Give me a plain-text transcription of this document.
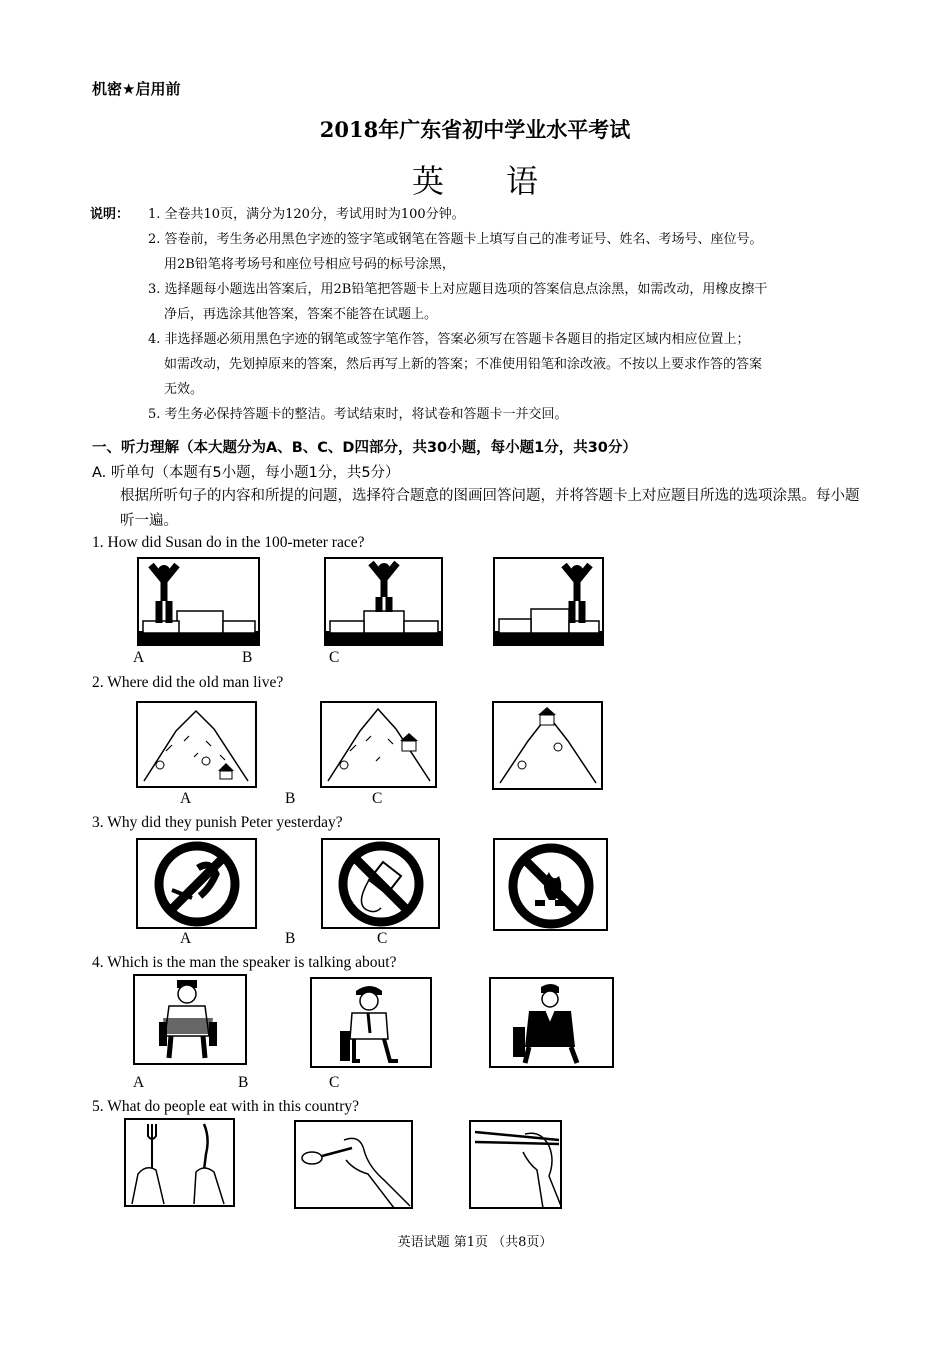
机密★启用前
2018年广东省初中学业水平考试
英语
说明： 1. 全卷共10页，满分为120分，考试用时为100分钟。
2. 答卷前，考生务必用黑色字迹的签字笔或钢笔在答题卡上填写自己的准考证号、姓名、考场号、座位号。
用2B铅笔将考场号和座位号相应号码的标号涂黑，
3. 选择题每小题选出答案后，用2B铅笔把答题卡上对应题目选项的答案信息点涂黑，如需改动，用橡皮擦干
净后，再选涂其他答案，答案不能答在试题上。
4. 非选择题必须用黑色字迹的钢笔或签字笔作答，答案必须写在答题卡各题目的指定区域内相应位置上；
如需改动，先划掉原来的答案，然后再写上新的答案；不准使用铅笔和涂改液。不按以上要求作答的答案
无效。
5. 考生务必保持答题卡的整洁。考试结束时，将试卷和答题卡一并交回。
一、听力理解（本大题分为A、B、C、D四部分，共30小题，每小题1分，共30分）
A. 听单句（本题有5小题，每小题1分，共5分）
根据所听句子的内容和所提的问题，选择符合题意的图画回答问题，并将答题卡上对应题目所选的选项涂黑。每小题听一遍。
1. How did Susan do in the 100-meter race?
A	B	C
2. Where did the old man live?
A	B	C
3. Why did they punish Peter yesterday?
A	B	C
4. Which is the man the speaker is talking about?
A	B	C
5. What do people eat with in this country?
英语试题 第1页 （共8页）
